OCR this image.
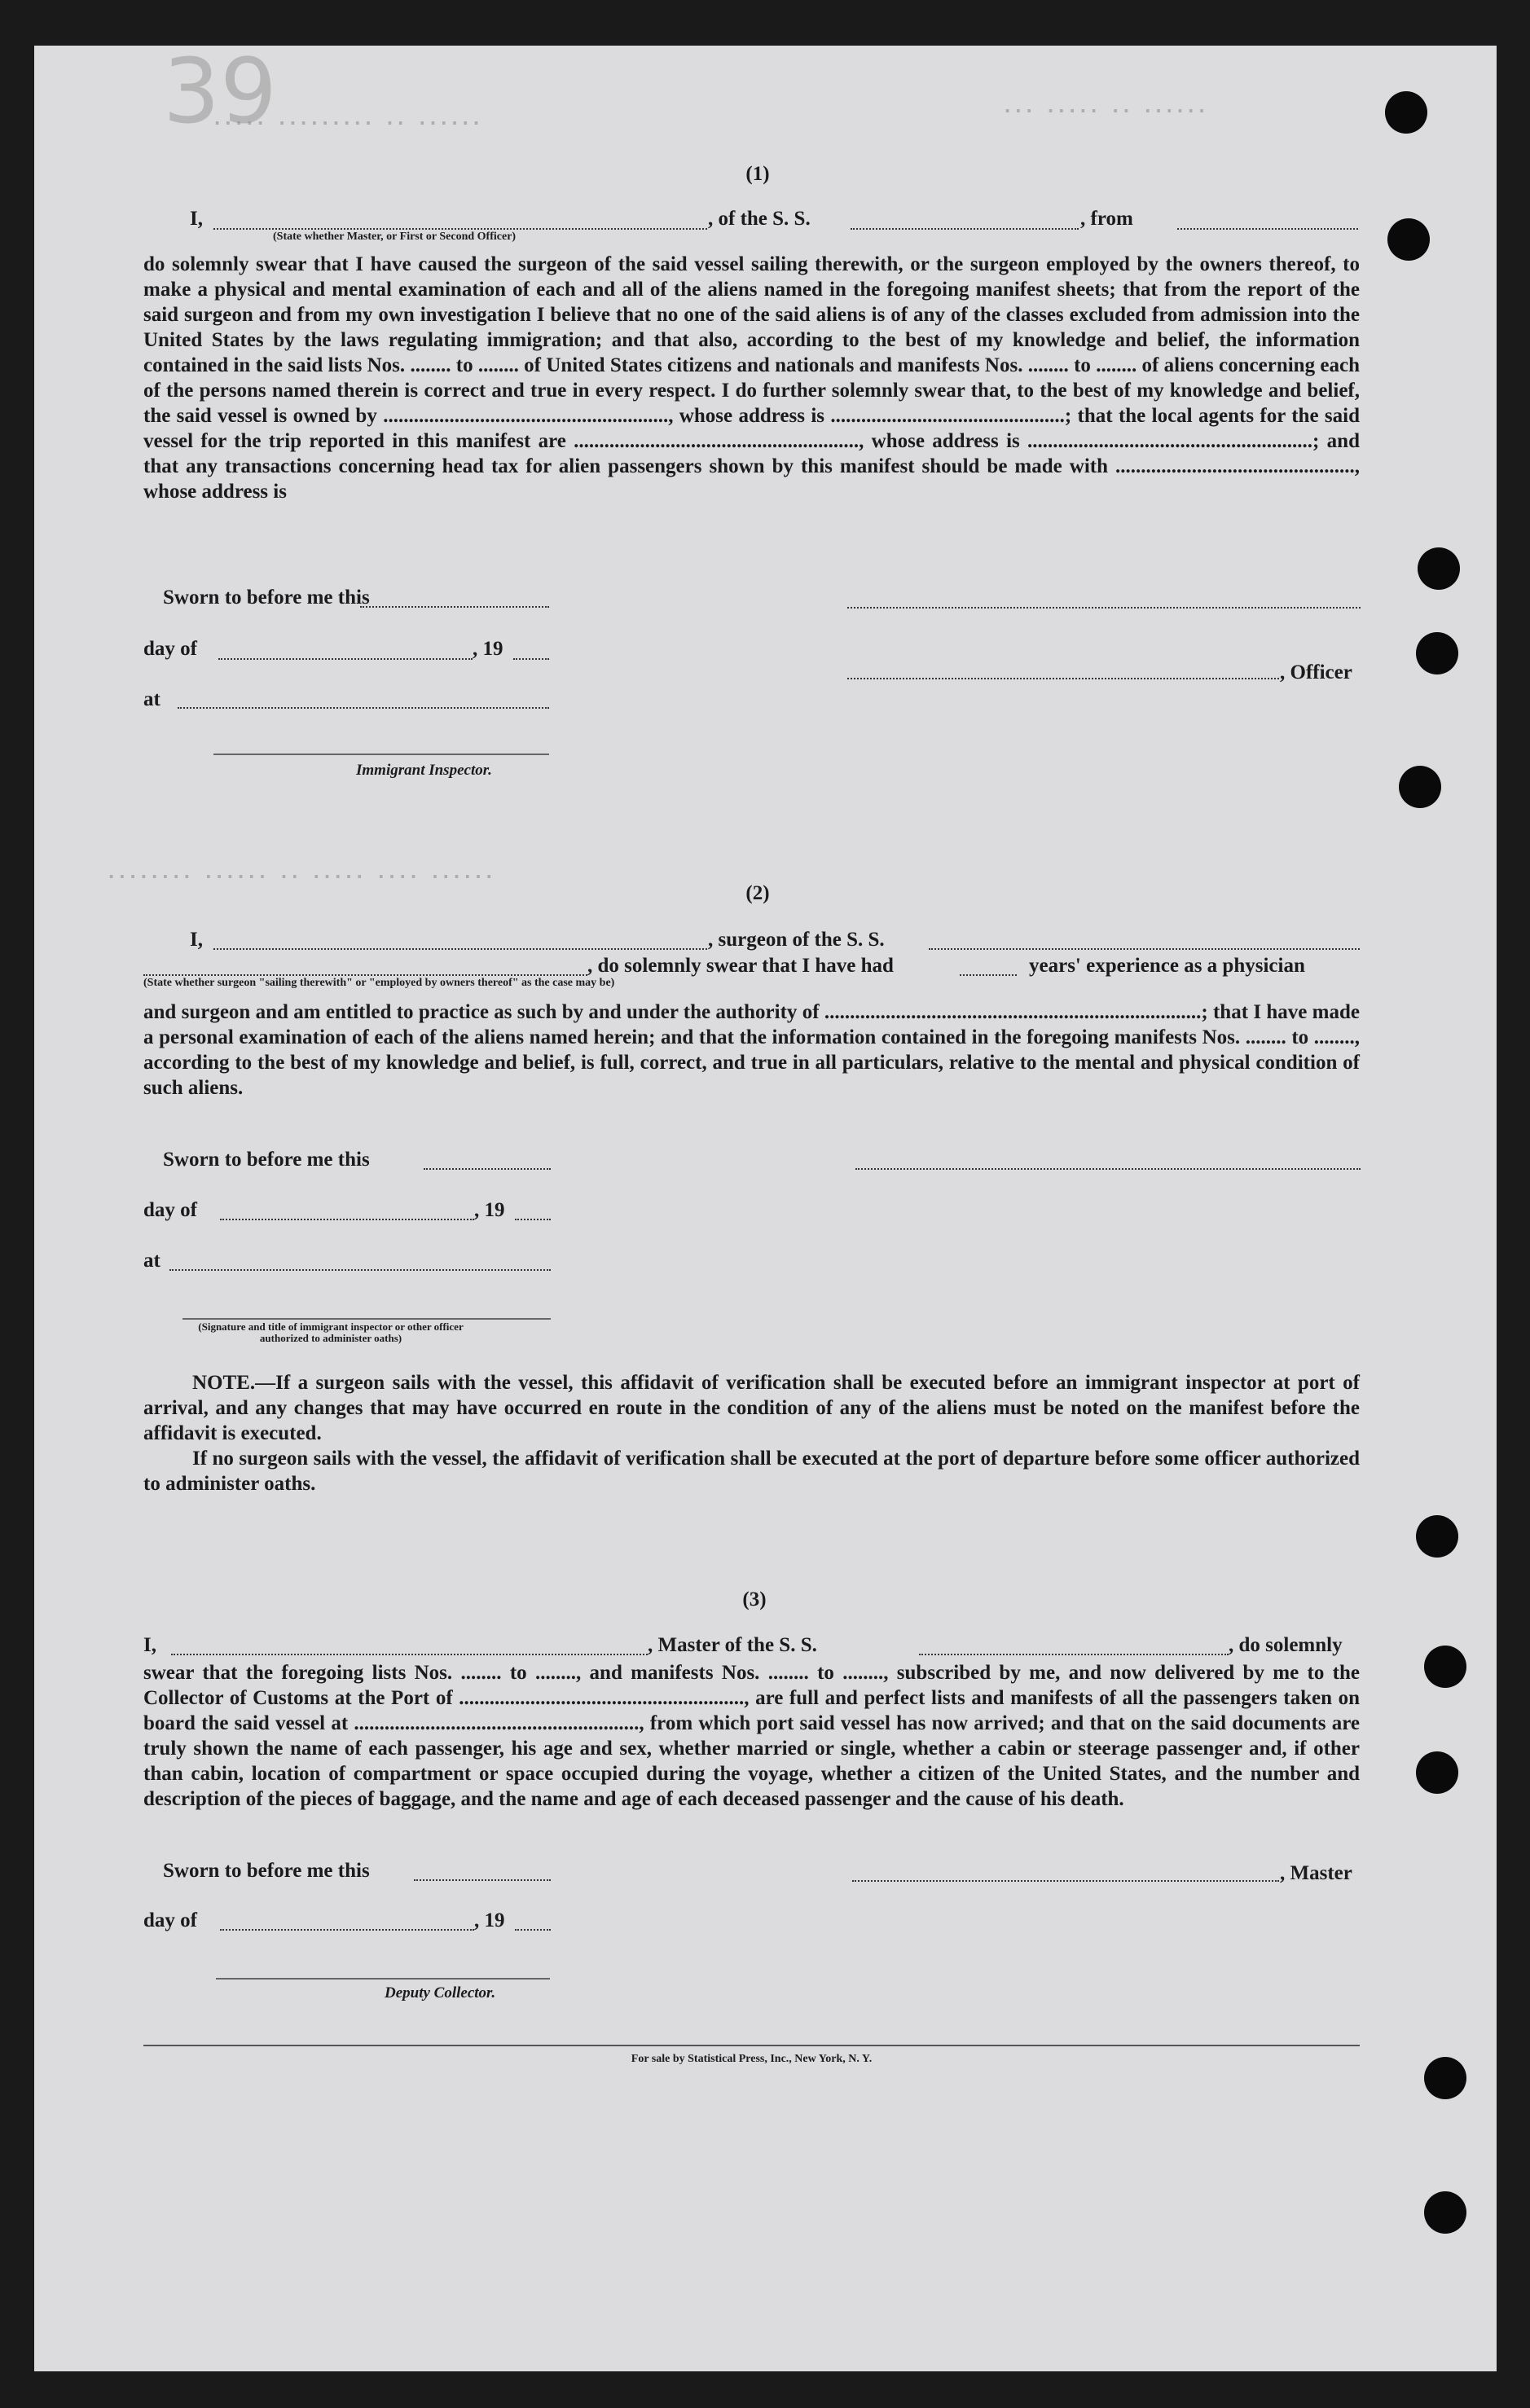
39
····· ········· ·· ······
··· ····· ·· ······
········ ······ ·· ····· ···· ······
(1)
I,
(State whether Master, or First or Second Officer)
, of the S. S.	, from
do solemnly swear that I have caused the surgeon of the said vessel sailing therewith, or the surgeon employed by the owners thereof, to make a physical and mental examination of each and all of the aliens named in the foregoing manifest sheets; that from the report of the said surgeon and from my own investigation I believe that no one of the said aliens is of any of the classes excluded from admission into the United States by the laws regulating immigration; and that also, according to the best of my knowledge and belief, the information contained in the said lists Nos. ........ to ........ of United States citizens and nationals and manifests Nos. ........ to ........ of aliens concerning each of the persons named therein is correct and true in every respect. I do further solemnly swear that, to the best of my knowledge and belief, the said vessel is owned by ........................................................, whose address is ..............................................; that the local agents for the said vessel for the trip reported in this manifest are ........................................................, whose address is ........................................................; and that any transactions concerning head tax for alien passengers shown by this manifest should be made with ..............................................., whose address is
Sworn to before me this
day of	, 19
at
Immigrant Inspector.
, Officer
(2)
I,	, surgeon of the S. S.
, do solemnly swear that I have had	years' experience as a physician
(State whether surgeon "sailing therewith" or "employed by owners thereof" as the case may be)
and surgeon and am entitled to practice as such by and under the authority of ..........................................................................; that I have made a personal examination of each of the aliens named herein; and that the information contained in the foregoing manifests Nos. ........ to ........, according to the best of my knowledge and belief, is full, correct, and true in all particulars, relative to the mental and physical condition of such aliens.
Sworn to before me this
day of	, 19
at
(Signature and title of immigrant inspector or other officer authorized to administer oaths)
NOTE.—If a surgeon sails with the vessel, this affidavit of verification shall be executed before an immigrant inspector at port of arrival, and any changes that may have occurred en route in the condition of any of the aliens must be noted on the manifest before the affidavit is executed.
If no surgeon sails with the vessel, the affidavit of verification shall be executed at the port of departure before some officer authorized to administer oaths.
(3)
I,	, Master of the S. S.	, do solemnly
swear that the foregoing lists Nos. ........ to ........, and manifests Nos. ........ to ........, subscribed by me, and now delivered by me to the Collector of Customs at the Port of ........................................................, are full and perfect lists and manifests of all the passengers taken on board the said vessel at ........................................................, from which port said vessel has now arrived; and that on the said documents are truly shown the name of each passenger, his age and sex, whether married or single, whether a cabin or steerage passenger and, if other than cabin, location of compartment or space occupied during the voyage, whether a citizen of the United States, and the number and description of the pieces of baggage, and the name and age of each deceased passenger and the cause of his death.
Sworn to before me this
day of	, 19
Deputy Collector.
, Master
For sale by Statistical Press, Inc., New York, N. Y.
